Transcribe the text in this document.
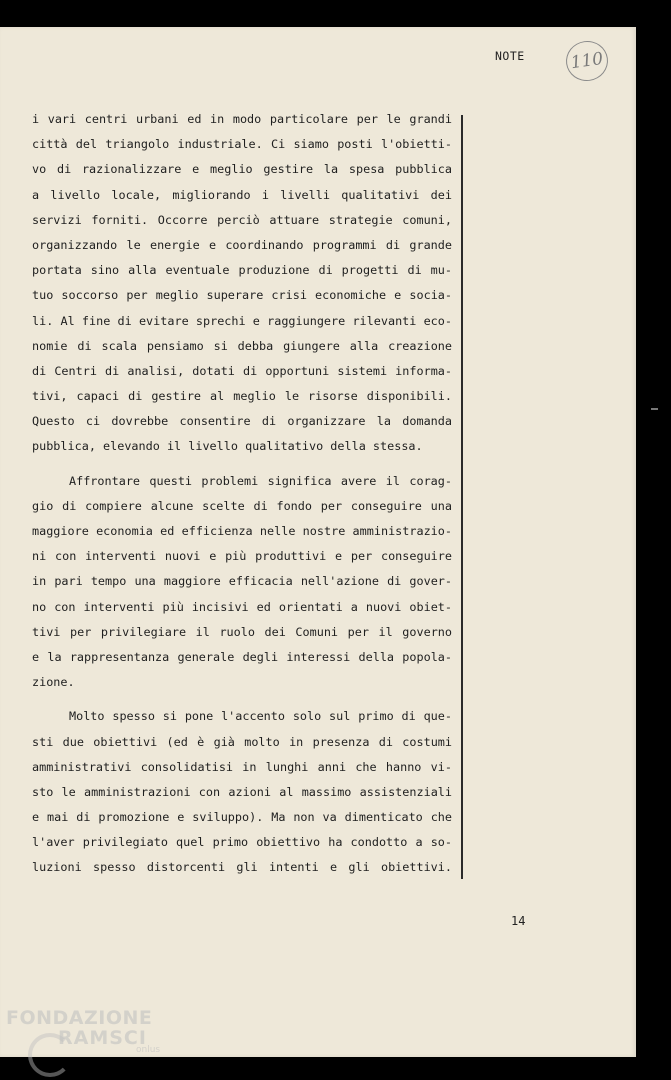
NOTE	110
i vari centri urbani ed in modo particolare per le grandi
città del triangolo industriale. Ci siamo posti l'obietti-
vo di razionalizzare e meglio gestire la spesa pubblica
a livello locale, migliorando i livelli qualitativi dei
servizi forniti. Occorre perciò attuare strategie comuni,
organizzando le energie e coordinando programmi di grande
portata sino alla eventuale produzione di progetti di mu-
tuo soccorso per meglio superare crisi economiche e socia-
li. Al fine di evitare sprechi e raggiungere rilevanti eco-
nomie di scala pensiamo si debba giungere alla creazione
di Centri di analisi, dotati di opportuni sistemi informa-
tivi, capaci di gestire al meglio le risorse disponibili.
Questo ci dovrebbe consentire di organizzare la domanda
pubblica, elevando il livello qualitativo della stessa.
Affrontare questi problemi significa avere il corag-
gio di compiere alcune scelte di fondo per conseguire una
maggiore economia ed efficienza nelle nostre amministrazio-
ni con interventi nuovi e più produttivi e per conseguire
in pari tempo una maggiore efficacia nell'azione di gover-
no con interventi più incisivi ed orientati a nuovi obiet-
tivi per privilegiare il ruolo dei Comuni per il governo
e la rappresentanza generale degli interessi della popola-
zione.
Molto spesso si pone l'accento solo sul primo di que-
sti due obiettivi (ed è già molto in presenza di costumi
amministrativi consolidatisi in lunghi anni che hanno vi-
sto le amministrazioni con azioni al massimo assistenziali
e mai di promozione e sviluppo). Ma non va dimenticato che
l'aver privilegiato quel primo obiettivo ha condotto a so-
luzioni spesso distorcenti gli intenti e gli obiettivi.
14
FONDAZIONE
RAMSCI
onlus
